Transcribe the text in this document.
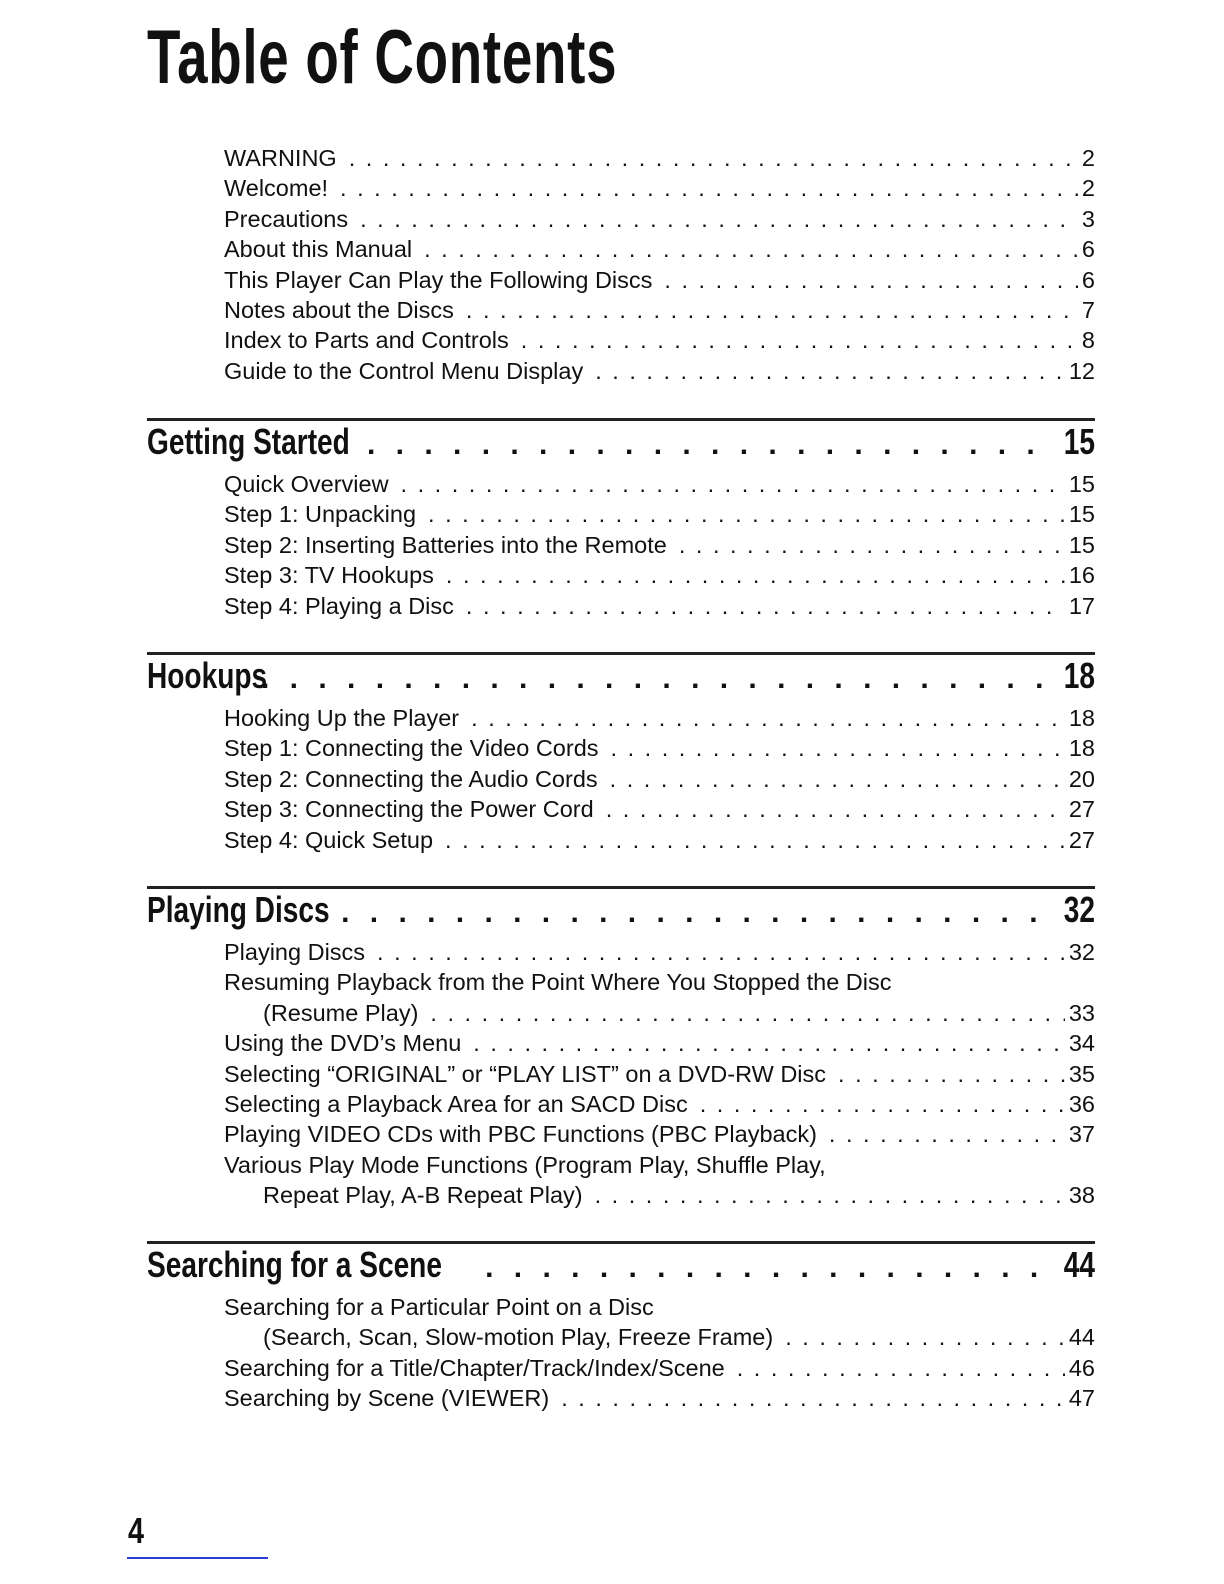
Table of Contents
WARNING . . .	2
Welcome! . . .	2
Precautions . . .	3
About this Manual . . .	6
This Player Can Play the Following Discs . . .	6
Notes about the Discs . . .	7
Index to Parts and Controls . . .	8
Guide to the Control Menu Display . . .	12
Getting Started . . .	15
Quick Overview . . .	15
Step 1: Unpacking . . .	15
Step 2: Inserting Batteries into the Remote . . .	15
Step 3: TV Hookups . . .	16
Step 4: Playing a Disc . . .	17
Hookups . . .	18
Hooking Up the Player . . .	18
Step 1: Connecting the Video Cords . . .	18
Step 2: Connecting the Audio Cords . . .	20
Step 3: Connecting the Power Cord . . .	27
Step 4: Quick Setup . . .	27
Playing Discs . . .	32
Playing Discs . . .	32
Resuming Playback from the Point Where You Stopped the Disc
(Resume Play) . . .	33
Using the DVD’s Menu . . .	34
Selecting “ORIGINAL” or “PLAY LIST” on a DVD-RW Disc . . .	35
Selecting a Playback Area for an SACD Disc . . .	36
Playing VIDEO CDs with PBC Functions (PBC Playback) . . .	37
Various Play Mode Functions (Program Play, Shuffle Play,
Repeat Play, A-B Repeat Play) . . .	38
Searching for a Scene . . .	44
Searching for a Particular Point on a Disc
(Search, Scan, Slow-motion Play, Freeze Frame) . . .	44
Searching for a Title/Chapter/Track/Index/Scene . . .	46
Searching by Scene (VIEWER) . . .	47
4
